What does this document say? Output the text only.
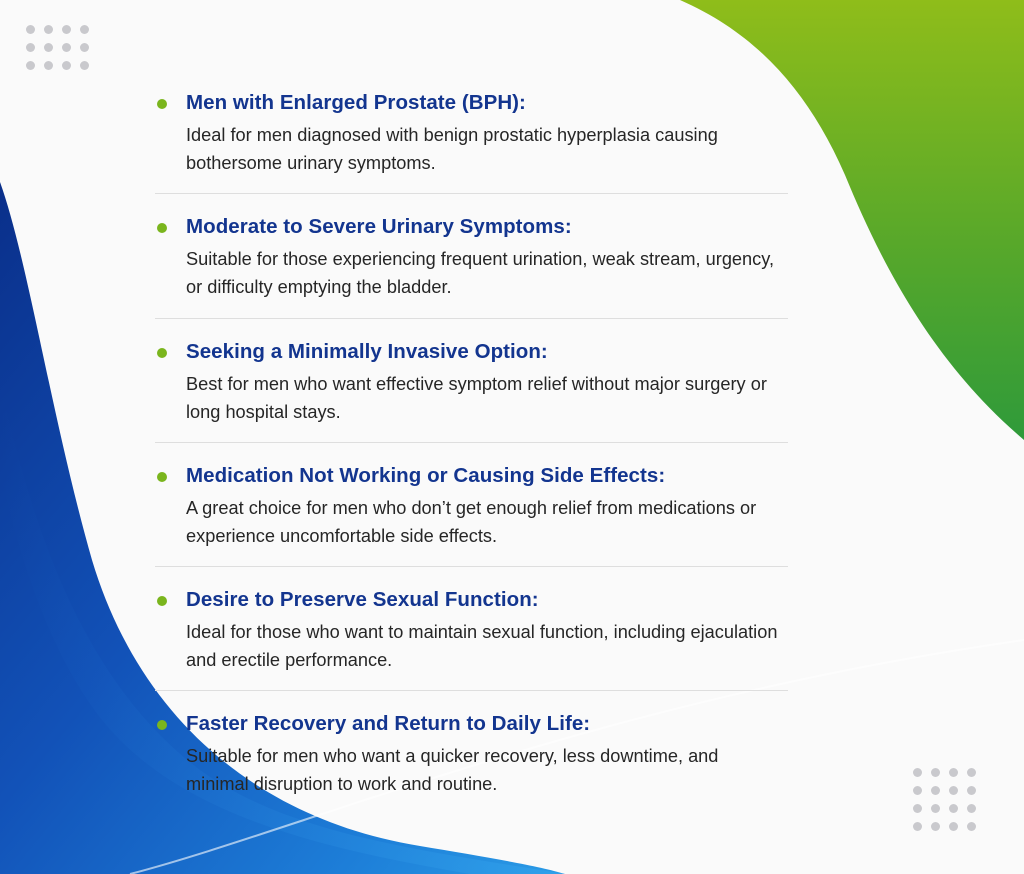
Men with Enlarged Prostate (BPH):

Ideal for men diagnosed with benign prostatic hyperplasia causing bothersome urinary symptoms.

Moderate to Severe Urinary Symptoms:

Suitable for those experiencing frequent urination, weak stream, urgency, or difficulty emptying the bladder.

Seeking a Minimally Invasive Option:

Best for men who want effective symptom relief without major surgery or long hospital stays.

Medication Not Working or Causing Side Effects:

A great choice for men who don’t get enough relief from medications or experience uncomfortable side effects.

Desire to Preserve Sexual Function:

Ideal for those who want to maintain sexual function, including ejaculation and erectile performance.

Faster Recovery and Return to Daily Life:

Suitable for men who want a quicker recovery, less downtime, and minimal disruption to work and routine.
